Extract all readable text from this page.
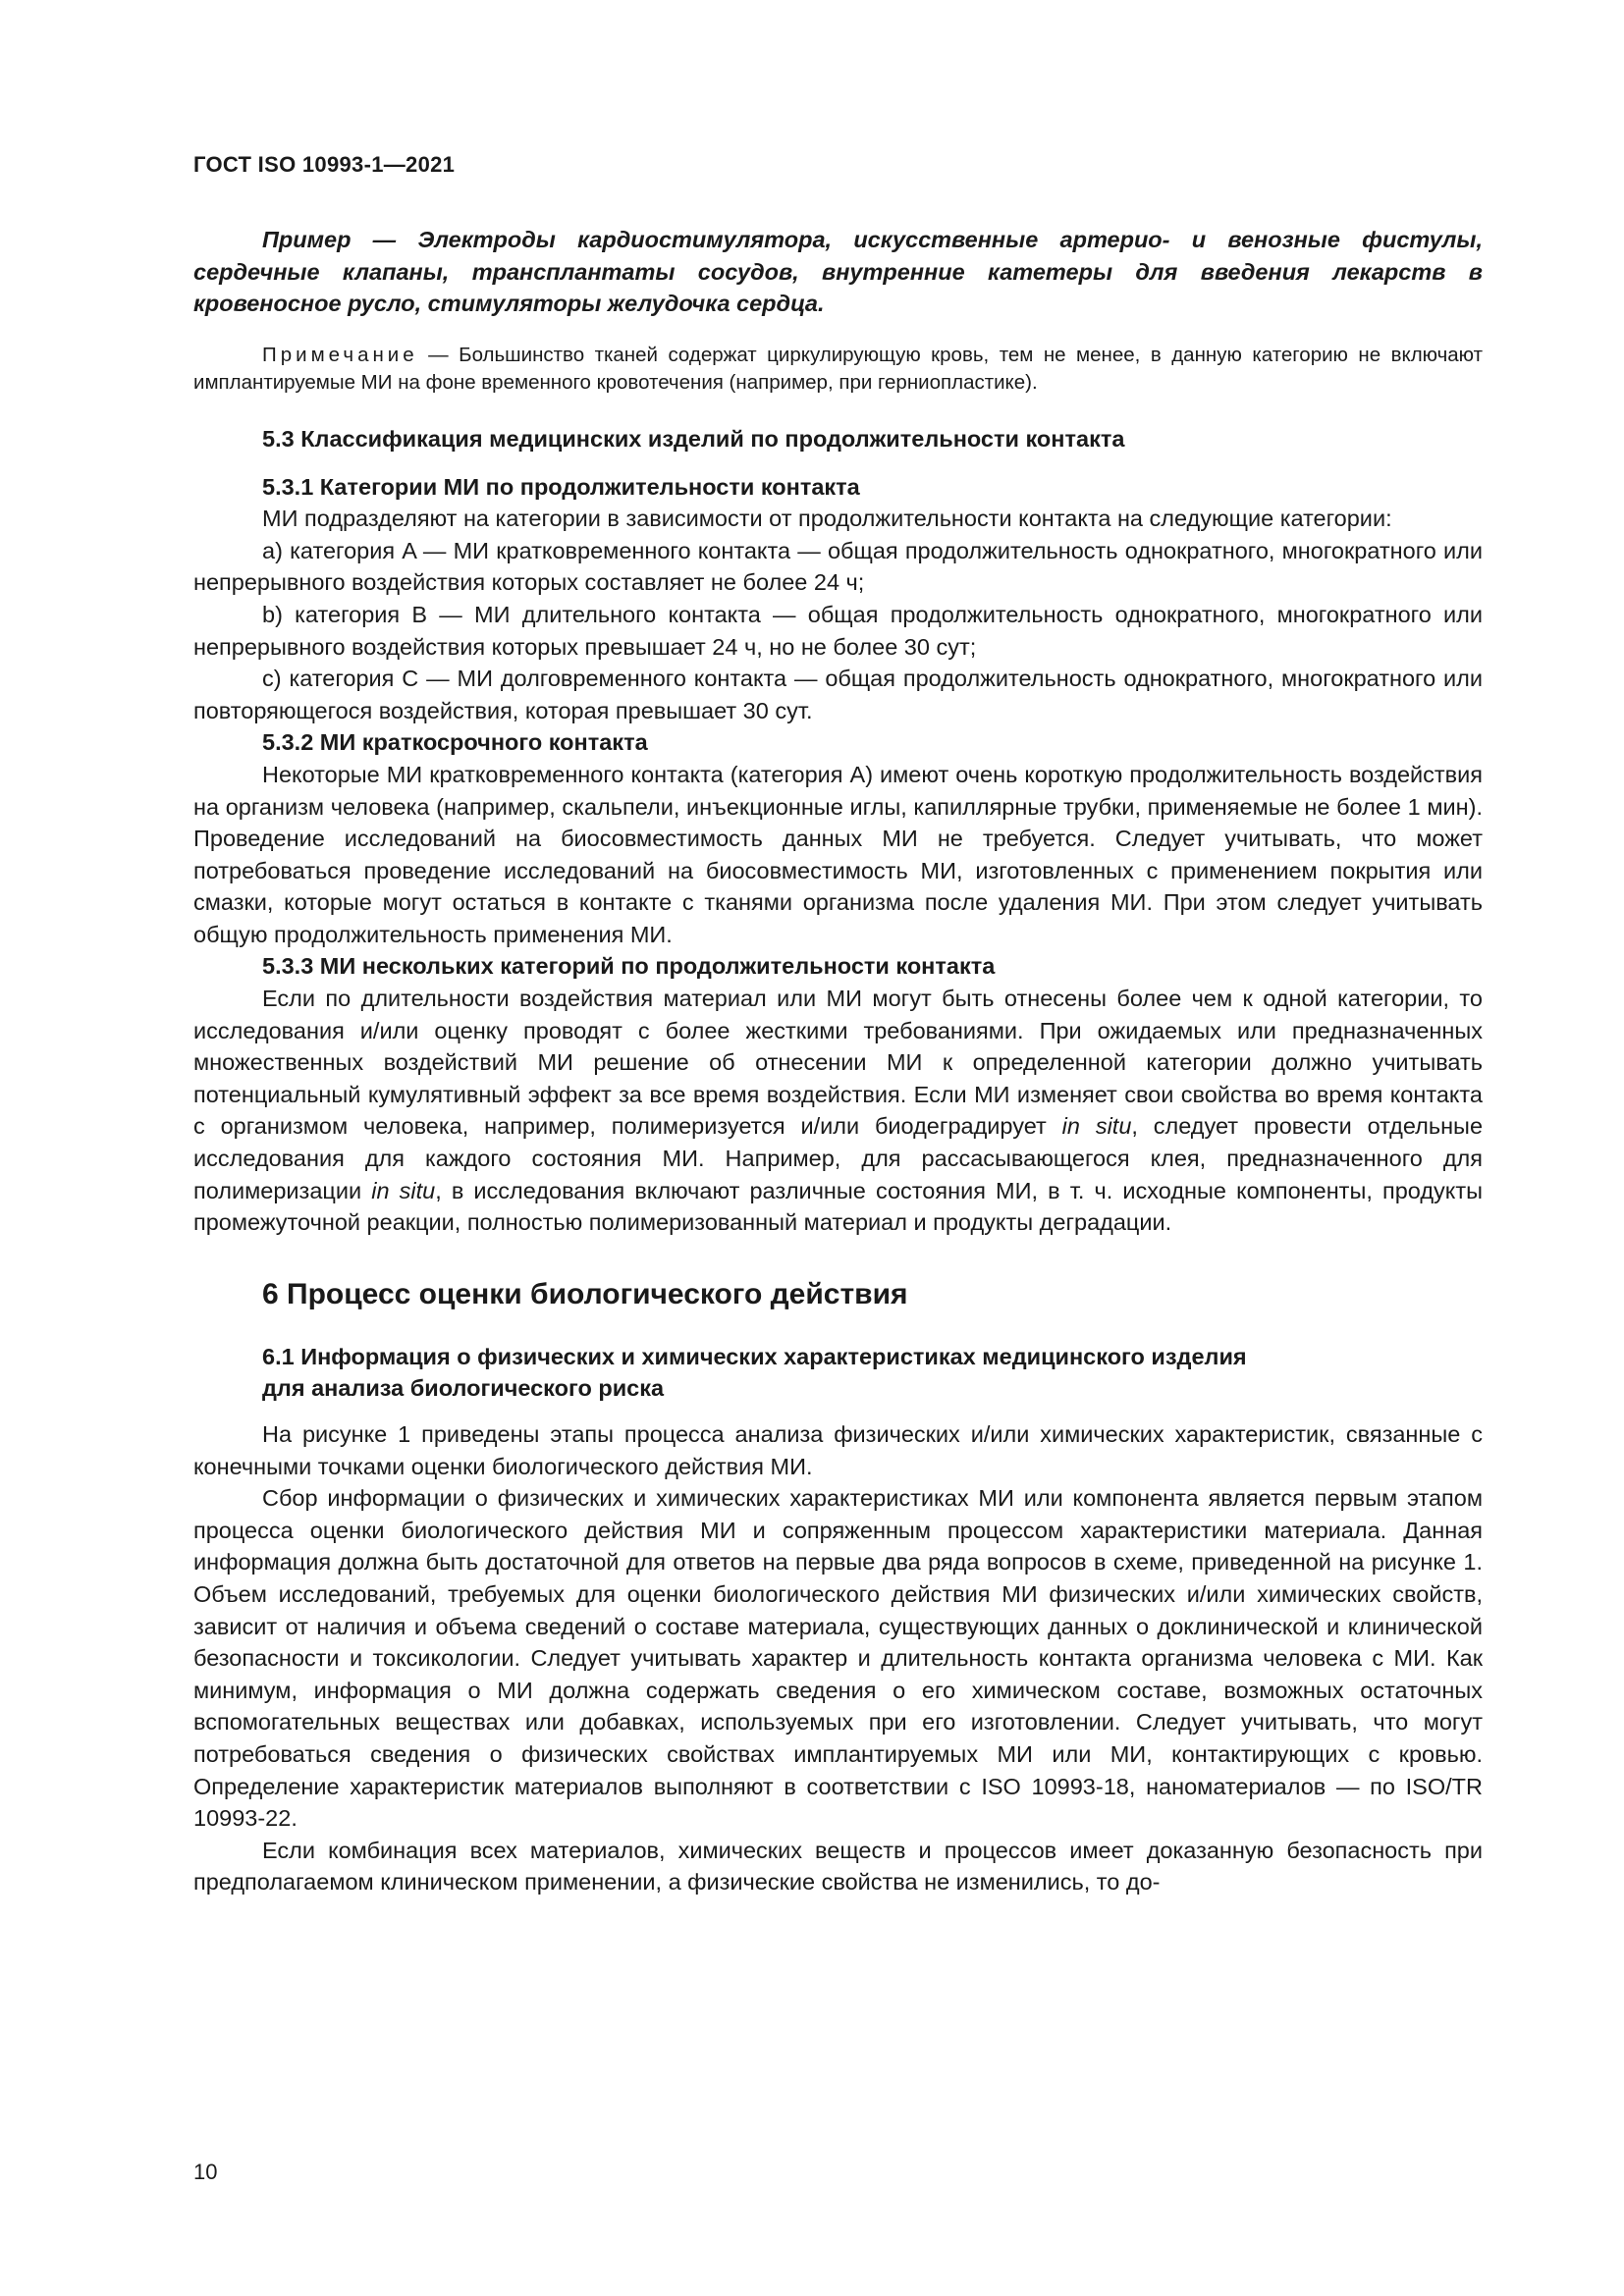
ГОСТ ISO 10993-1—2021

Пример — Электроды кардиостимулятора, искусственные артерио- и венозные фистулы, сердечные клапаны, трансплантаты сосудов, внутренние катетеры для введения лекарств в кровеносное русло, стимуляторы желудочка сердца.

Примечание — Большинство тканей содержат циркулирующую кровь, тем не менее, в данную категорию не включают имплантируемые МИ на фоне временного кровотечения (например, при герниопластике).

5.3 Классификация медицинских изделий по продолжительности контакта

5.3.1 Категории МИ по продолжительности контакта

МИ подразделяют на категории в зависимости от продолжительности контакта на следующие категории:

a) категория A — МИ кратковременного контакта — общая продолжительность однократного, многократного или непрерывного воздействия которых составляет не более 24 ч;

b) категория B — МИ длительного контакта — общая продолжительность однократного, многократного или непрерывного воздействия которых превышает 24 ч, но не более 30 сут;

c) категория C — МИ долговременного контакта — общая продолжительность однократного, многократного или повторяющегося воздействия, которая превышает 30 сут.

5.3.2 МИ краткосрочного контакта

Некоторые МИ кратковременного контакта (категория А) имеют очень короткую продолжительность воздействия на организм человека (например, скальпели, инъекционные иглы, капиллярные трубки, применяемые не более 1 мин). Проведение исследований на биосовместимость данных МИ не требуется. Следует учитывать, что может потребоваться проведение исследований на биосовместимость МИ, изготовленных с применением покрытия или смазки, которые могут остаться в контакте с тканями организма после удаления МИ. При этом следует учитывать общую продолжительность применения МИ.

5.3.3 МИ нескольких категорий по продолжительности контакта

Если по длительности воздействия материал или МИ могут быть отнесены более чем к одной категории, то исследования и/или оценку проводят с более жесткими требованиями. При ожидаемых или предназначенных множественных воздействий МИ решение об отнесении МИ к определенной категории должно учитывать потенциальный кумулятивный эффект за все время воздействия. Если МИ изменяет свои свойства во время контакта с организмом человека, например, полимеризуется и/или биодеградирует in situ, следует провести отдельные исследования для каждого состояния МИ. Например, для рассасывающегося клея, предназначенного для полимеризации in situ, в исследования включают различные состояния МИ, в т. ч. исходные компоненты, продукты промежуточной реакции, полностью полимеризованный материал и продукты деградации.

6 Процесс оценки биологического действия

6.1 Информация о физических и химических характеристиках медицинского изделия
для анализа биологического риска

На рисунке 1 приведены этапы процесса анализа физических и/или химических характеристик, связанные с конечными точками оценки биологического действия МИ.

Сбор информации о физических и химических характеристиках МИ или компонента является первым этапом процесса оценки биологического действия МИ и сопряженным процессом характеристики материала. Данная информация должна быть достаточной для ответов на первые два ряда вопросов в схеме, приведенной на рисунке 1. Объем исследований, требуемых для оценки биологического действия МИ физических и/или химических свойств, зависит от наличия и объема сведений о составе материала, существующих данных о доклинической и клинической безопасности и токсикологии. Следует учитывать характер и длительность контакта организма человека с МИ. Как минимум, информация о МИ должна содержать сведения о его химическом составе, возможных остаточных вспомогательных веществах или добавках, используемых при его изготовлении. Следует учитывать, что могут потребоваться сведения о физических свойствах имплантируемых МИ или МИ, контактирующих с кровью. Определение характеристик материалов выполняют в соответствии с ISO 10993-18, наноматериалов — по ISO/TR 10993-22.

Если комбинация всех материалов, химических веществ и процессов имеет доказанную безопасность при предполагаемом клиническом применении, а физические свойства не изменились, то до-

10
